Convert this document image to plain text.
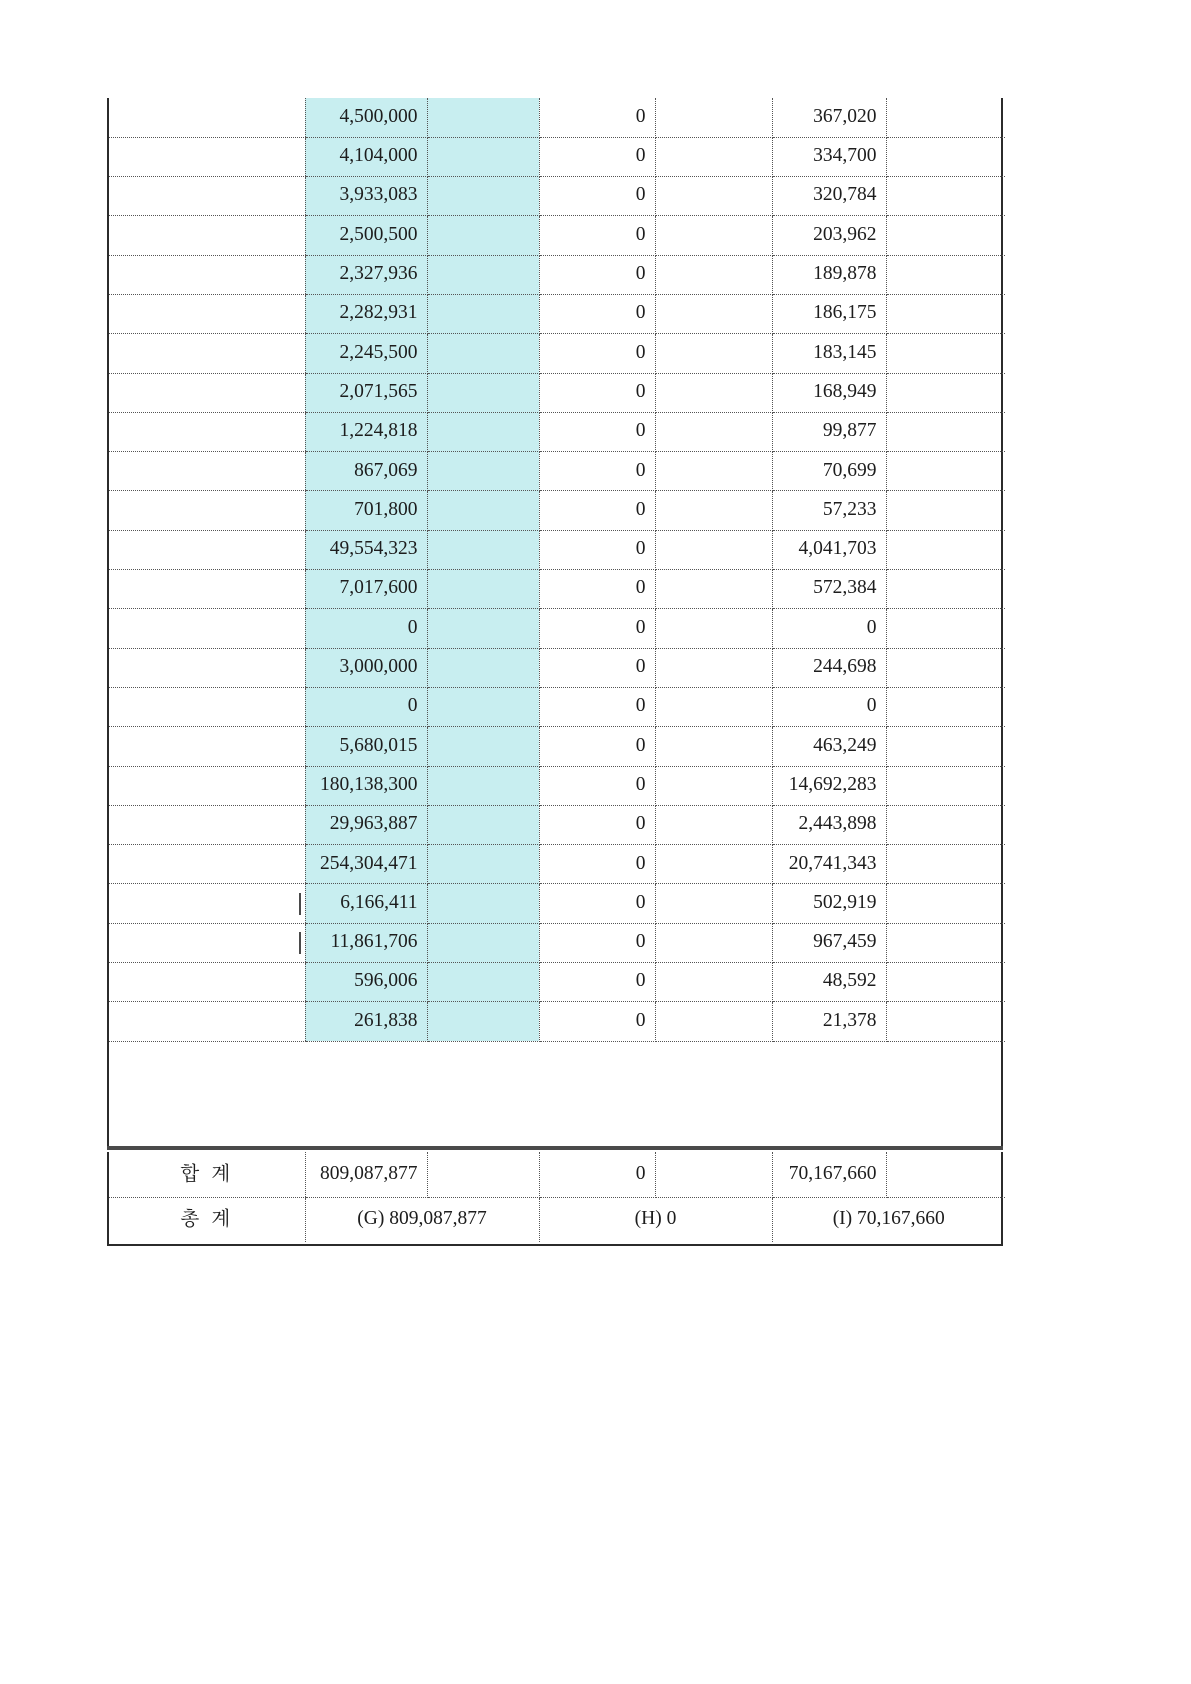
	4,500,000		0		367,020	
	4,104,000		0		334,700	
	3,933,083		0		320,784	
	2,500,500		0		203,962	
	2,327,936		0		189,878	
	2,282,931		0		186,175	
	2,245,500		0		183,145	
	2,071,565		0		168,949	
	1,224,818		0		99,877	
	867,069		0		70,699	
	701,800		0		57,233	
	49,554,323		0		4,041,703	
	7,017,600		0		572,384	
	0		0		0	
	3,000,000		0		244,698	
	0		0		0	
	5,680,015		0		463,249	
	180,138,300		0		14,692,283	
	29,963,887		0		2,443,898	
	254,304,471		0		20,741,343	
	6,166,411		0		502,919	
	11,861,706		0		967,459	
	596,006		0		48,592	
	261,838		0		21,378	
합 계	809,087,877		0		70,167,660	
총 계	(G) 809,087,877		(H) 0		(I) 70,167,660	
